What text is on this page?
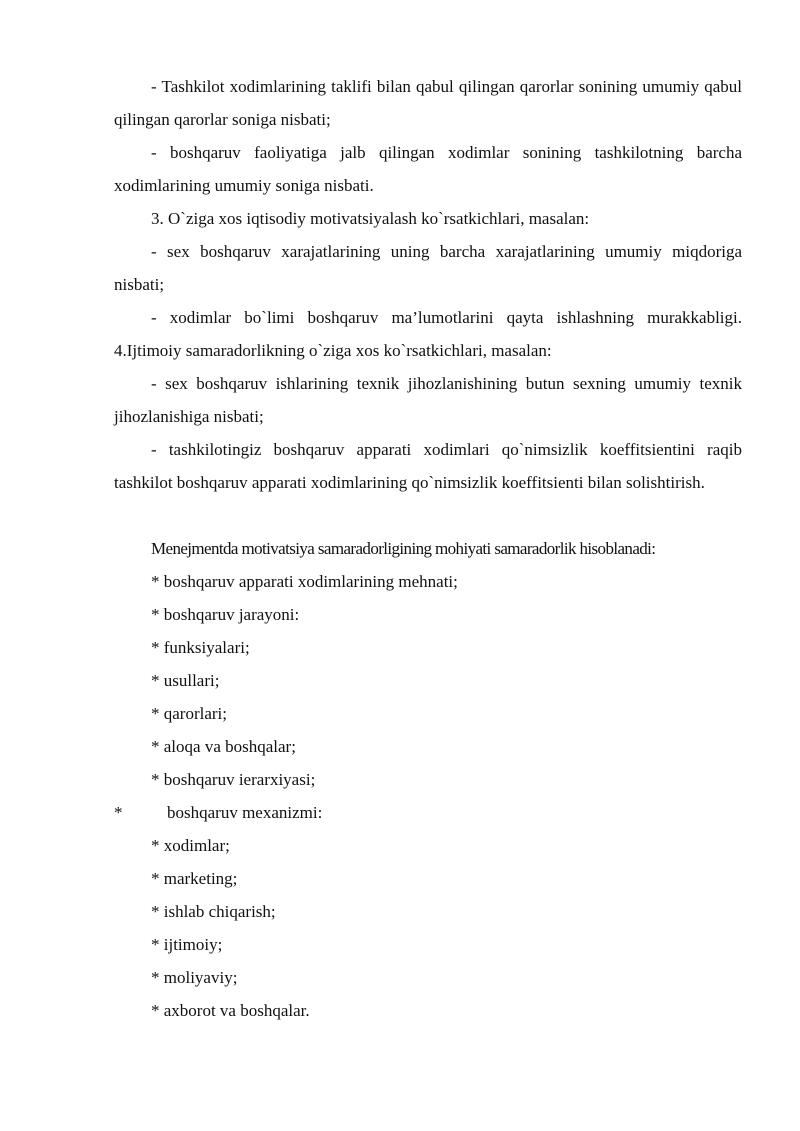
- Tashkilot xodimlarining taklifi bilan qabul qilingan qarorlar sonining umumiy qabul qilingan qarorlar soniga nisbati;

- boshqaruv faoliyatiga jalb qilingan xodimlar sonining tashkilotning barcha xodimlarining umumiy soniga nisbati.

3. O`ziga xos iqtisodiy motivatsiyalash ko`rsatkichlari, masalan:

- sex boshqaruv xarajatlarining uning barcha xarajatlarining umumiy miqdoriga nisbati;

- xodimlar bo`limi boshqaruv ma’lumotlarini qayta ishlashning murakkabligi.

4.Ijtimoiy samaradorlikning o`ziga xos ko`rsatkichlari, masalan:

- sex boshqaruv ishlarining texnik jihozlanishining butun sexning umumiy texnik jihozlanishiga nisbati;

- tashkilotingiz boshqaruv apparati xodimlari qo`nimsizlik koeffitsientini raqib tashkilot boshqaruv apparati xodimlarining qo`nimsizlik koeffitsienti bilan solishtirish.

Menejmentda motivatsiya samaradorligining mohiyati samaradorlik hisoblanadi:

* boshqaruv apparati xodimlarining mehnati;

* boshqaruv jarayoni:

* funksiyalari;

* usullari;

* qarorlari;

* aloqa va boshqalar;

* boshqaruv ierarxiyasi;

*	boshqaruv mexanizmi:

* xodimlar;

* marketing;

* ishlab chiqarish;

* ijtimoiy;

* moliyaviy;

* axborot va boshqalar.
